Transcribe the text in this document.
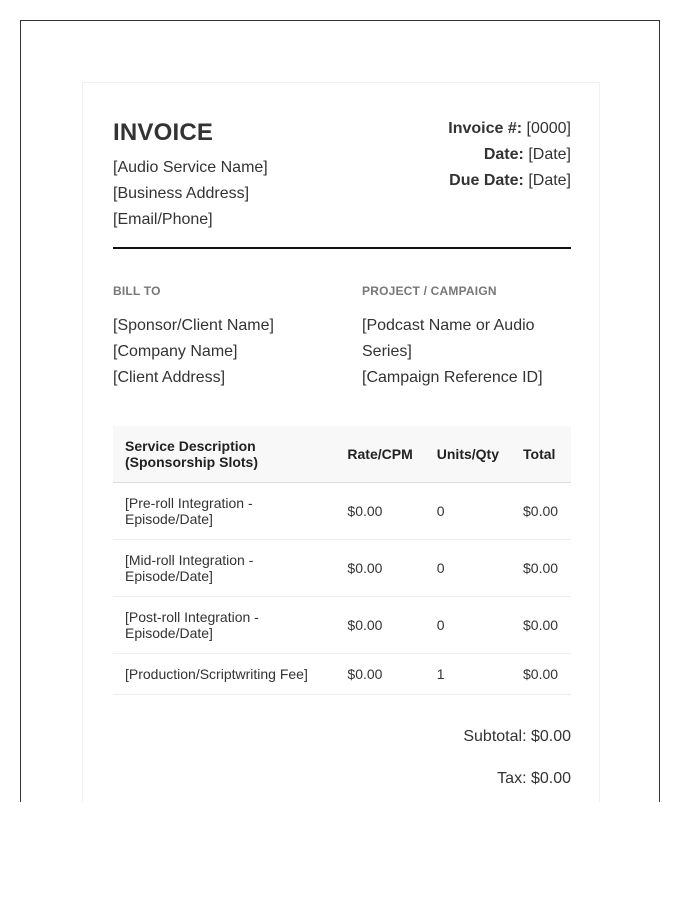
INVOICE
[Audio Service Name]
[Business Address]
[Email/Phone]
Invoice #: [0000]
Date: [Date]
Due Date: [Date]
BILL TO
[Sponsor/Client Name]
[Company Name]
[Client Address]
PROJECT / CAMPAIGN
[Podcast Name or Audio
Series]
[Campaign Reference ID]
Service Description
(Sponsorship Slots)	Rate/CPM	Units/Qty	Total
[Pre-roll Integration -
Episode/Date]	$0.00	0	$0.00
[Mid-roll Integration -
Episode/Date]	$0.00	0	$0.00
[Post-roll Integration -
Episode/Date]	$0.00	0	$0.00
[Production/Scriptwriting Fee]	$0.00	1	$0.00
Subtotal: $0.00
Tax: $0.00
